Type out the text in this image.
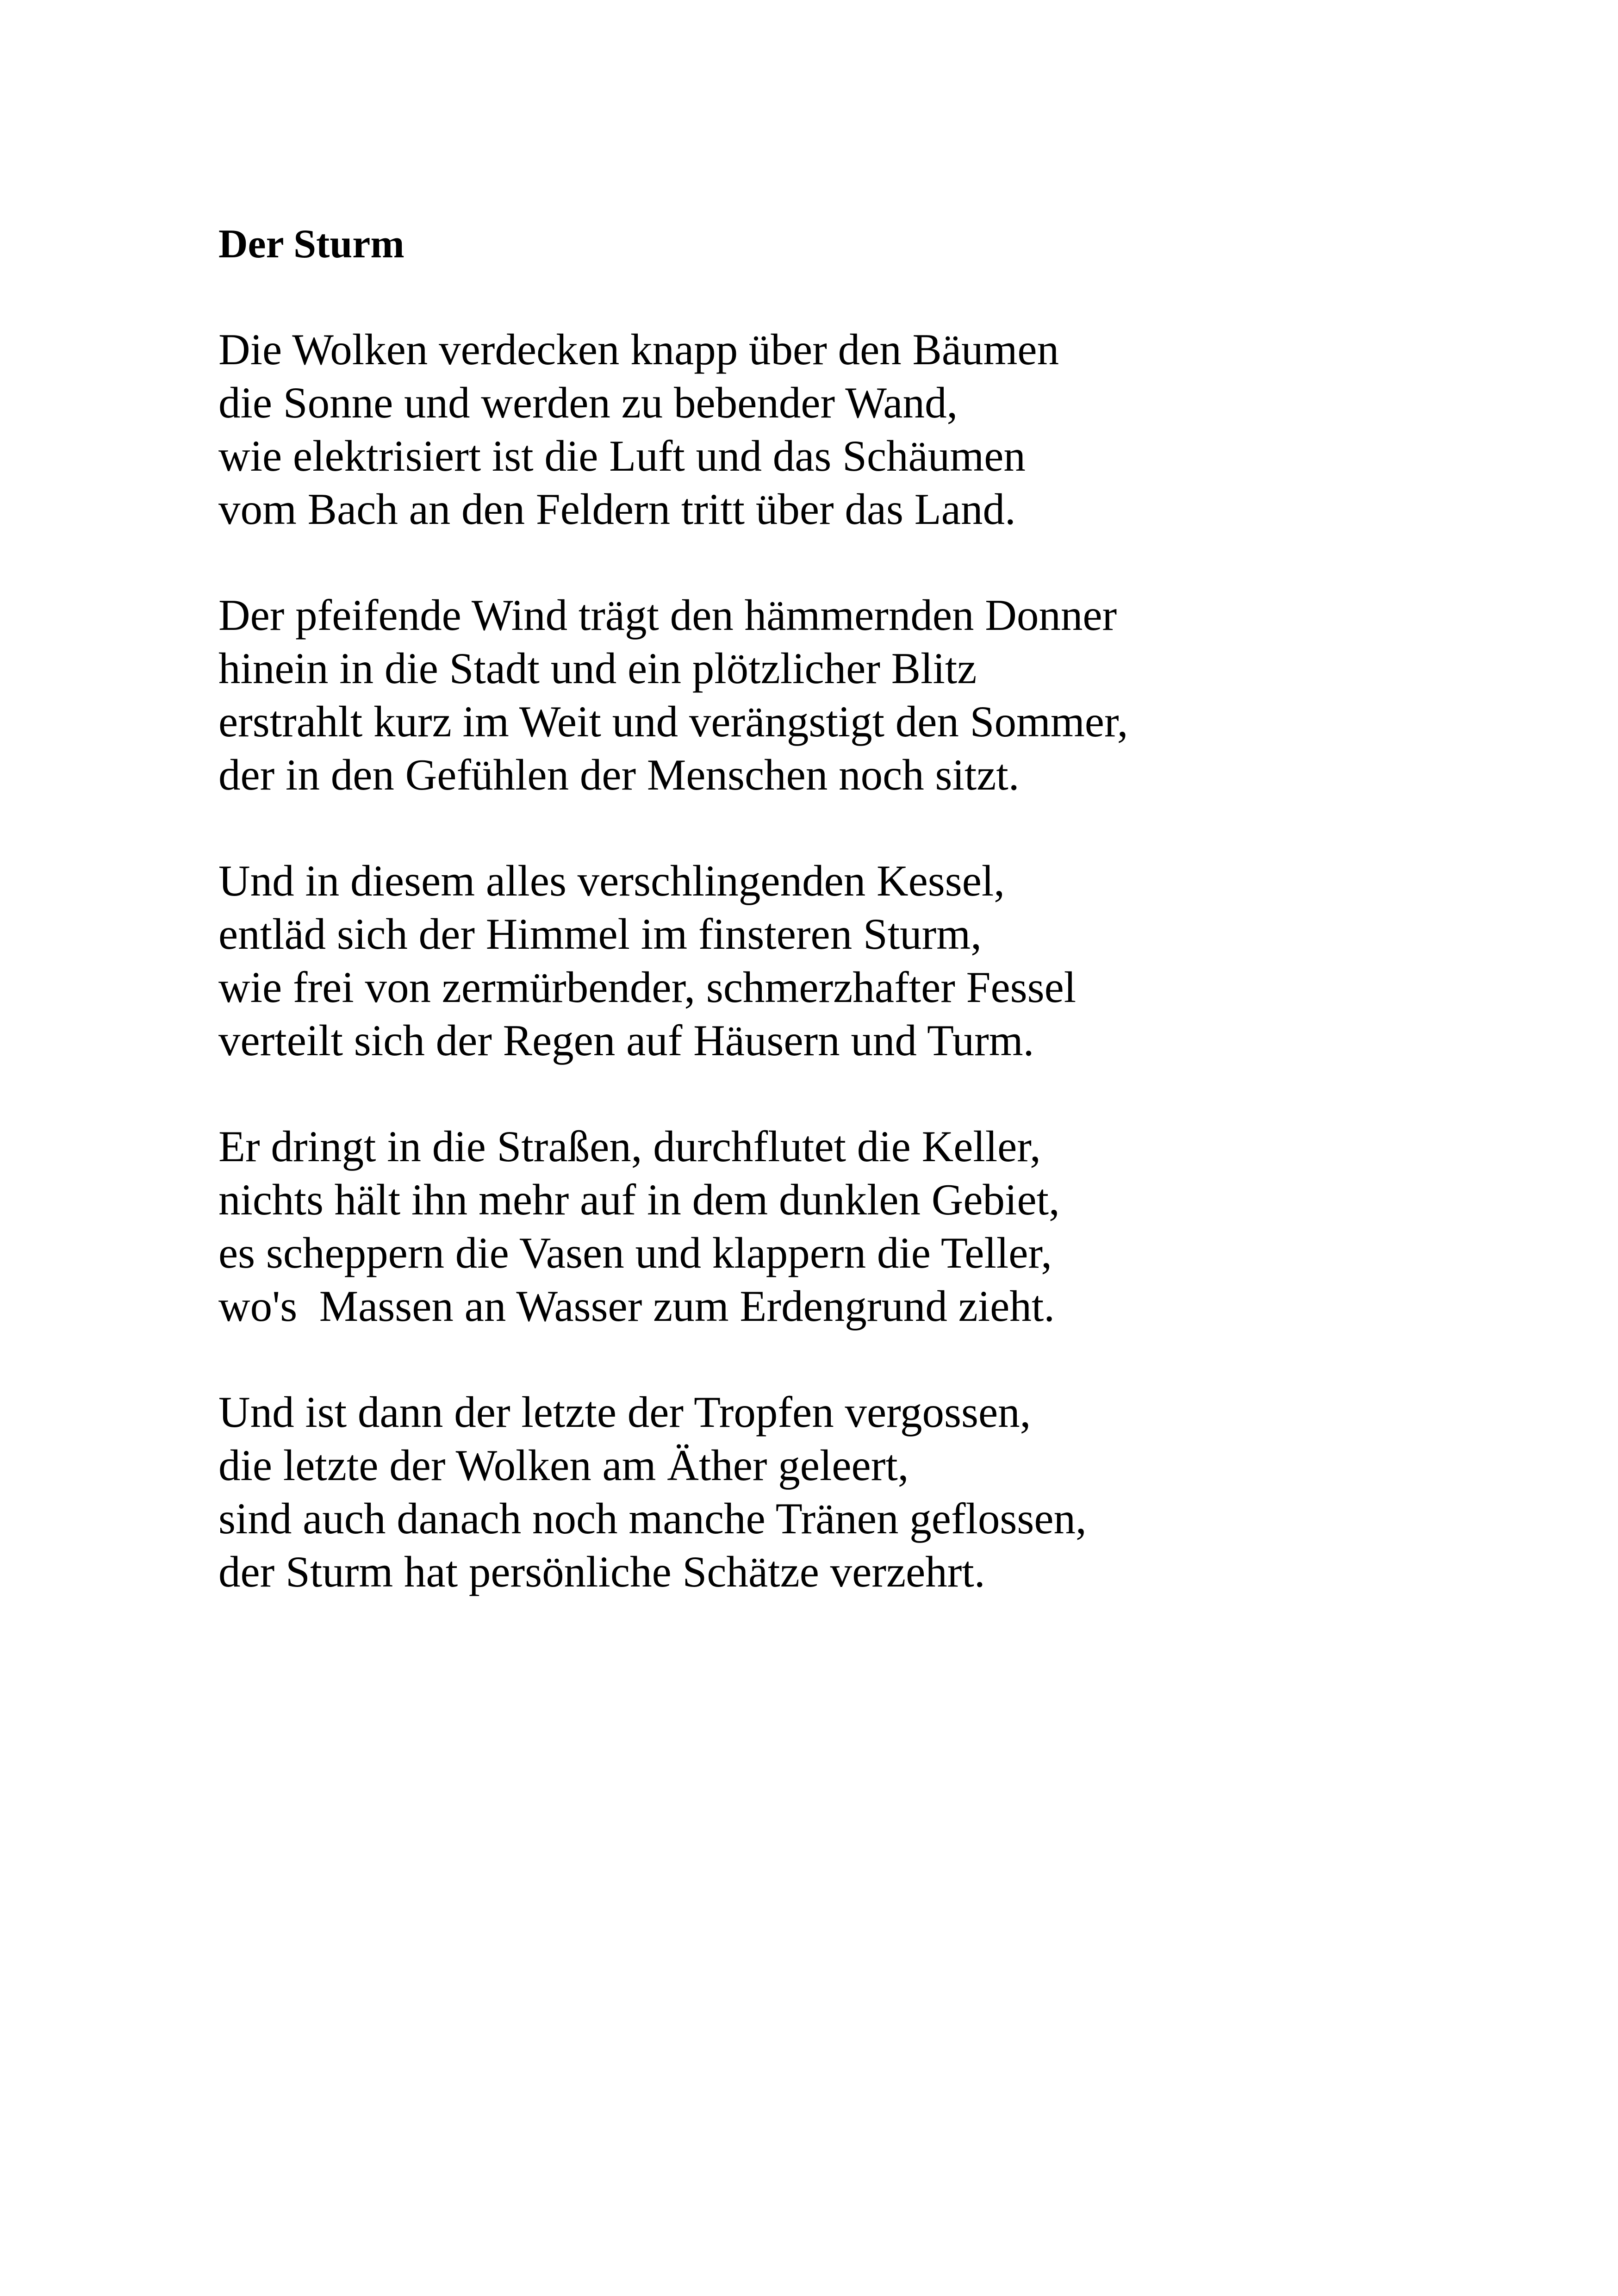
Der Sturm
Die Wolken verdecken knapp über den Bäumen
die Sonne und werden zu bebender Wand,
wie elektrisiert ist die Luft und das Schäumen
vom Bach an den Feldern tritt über das Land.
Der pfeifende Wind trägt den hämmernden Donner
hinein in die Stadt und ein plötzlicher Blitz
erstrahlt kurz im Weit und verängstigt den Sommer,
der in den Gefühlen der Menschen noch sitzt.
Und in diesem alles verschlingenden Kessel,
entläd sich der Himmel im finsteren Sturm,
wie frei von zermürbender, schmerzhafter Fessel
verteilt sich der Regen auf Häusern und Turm.
Er dringt in die Straßen, durchflutet die Keller,
nichts hält ihn mehr auf in dem dunklen Gebiet,
es scheppern die Vasen und klappern die Teller,
wo's  Massen an Wasser zum Erdengrund zieht.
Und ist dann der letzte der Tropfen vergossen,
die letzte der Wolken am Äther geleert,
sind auch danach noch manche Tränen geflossen,
der Sturm hat persönliche Schätze verzehrt.
